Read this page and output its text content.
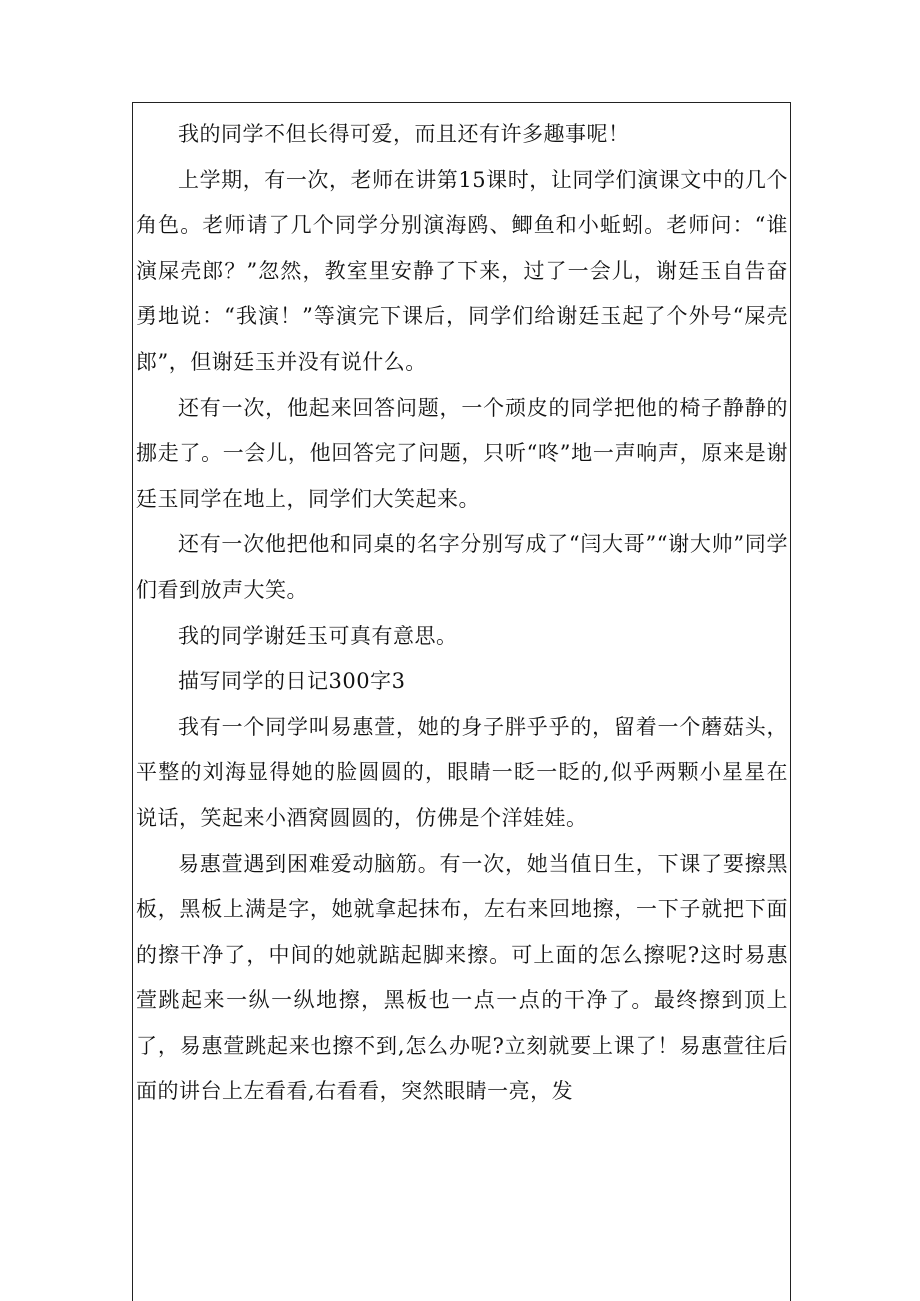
我的同学不但长得可爱，而且还有许多趣事呢！

上学期，有一次，老师在讲第15课时，让同学们演课文中的几个角色。老师请了几个同学分别演海鸥、鲫鱼和小蚯蚓。老师问：“谁演屎壳郎？”忽然，教室里安静了下来，过了一会儿，谢廷玉自告奋勇地说：“我演！”等演完下课后，同学们给谢廷玉起了个外号“屎壳郎”，但谢廷玉并没有说什么。

还有一次，他起来回答问题，一个顽皮的同学把他的椅子静静的挪走了。一会儿，他回答完了问题，只听“咚”地一声响声，原来是谢廷玉同学在地上，同学们大笑起来。

还有一次他把他和同桌的名字分别写成了“闫大哥”“谢大帅”同学们看到放声大笑。

我的同学谢廷玉可真有意思。

描写同学的日记300字3

我有一个同学叫易惠萱，她的身子胖乎乎的，留着一个蘑菇头，平整的刘海显得她的脸圆圆的，眼睛一眨一眨的,似乎两颗小星星在说话，笑起来小酒窝圆圆的，仿佛是个洋娃娃。

易惠萱遇到困难爱动脑筋。有一次，她当值日生，下课了要擦黑板，黑板上满是字，她就拿起抹布，左右来回地擦，一下子就把下面的擦干净了，中间的她就踮起脚来擦。可上面的怎么擦呢?这时易惠萱跳起来一纵一纵地擦，黑板也一点一点的干净了。最终擦到顶上了，易惠萱跳起来也擦不到,怎么办呢?立刻就要上课了！易惠萱往后面的讲台上左看看,右看看，突然眼睛一亮，发
